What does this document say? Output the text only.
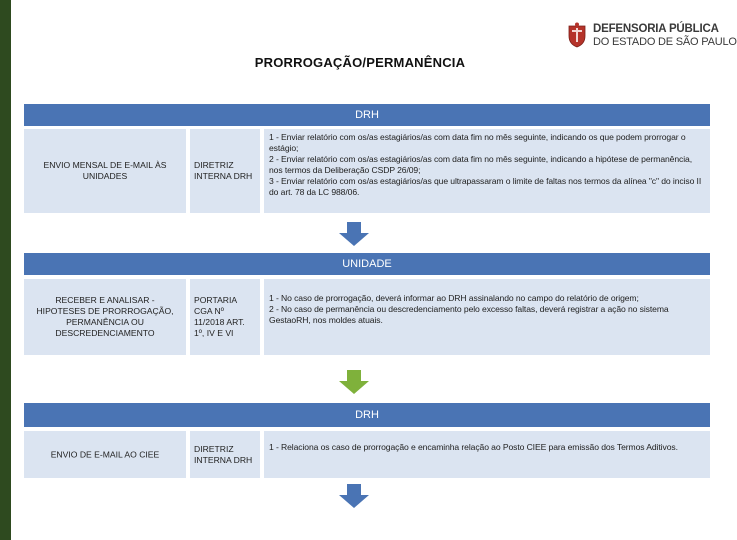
DEFENSORIA PÚBLICA
DO ESTADO DE SÃO PAULO
PRORROGAÇÃO/PERMANÊNCIA
DRH
ENVIO MENSAL DE E-MAIL ÀS UNIDADES
DIRETRIZ INTERNA DRH
1 - Enviar relatório com os/as estagiários/as com data fim no mês seguinte, indicando os que podem prorrogar o estágio;
2 - Enviar relatório com os/as estagiários/as com data fim no mês seguinte, indicando a hipótese de permanência, nos termos da Deliberação CSDP 26/09;
3 - Enviar relatório com os/as estagiários/as que ultrapassaram o limite de faltas nos termos da alínea "c" do inciso II do art. 78 da LC 988/06.
UNIDADE
RECEBER E ANALISAR - HIPOTESES DE PRORROGAÇÃO, PERMANÊNCIA OU DESCREDENCIAMENTO
PORTARIA CGA Nº 11/2018 ART. 1º, IV E VI
1 - No caso de prorrogação, deverá informar ao DRH assinalando no campo do relatório de origem;
2 - No caso de permanência ou descredenciamento pelo excesso faltas, deverá registrar a ação no sistema GestaoRH, nos moldes atuais.
DRH
ENVIO DE E-MAIL AO CIEE
DIRETRIZ INTERNA DRH
1 - Relaciona os caso de prorrogação e encaminha relação ao Posto CIEE para emissão dos Termos Aditivos.
